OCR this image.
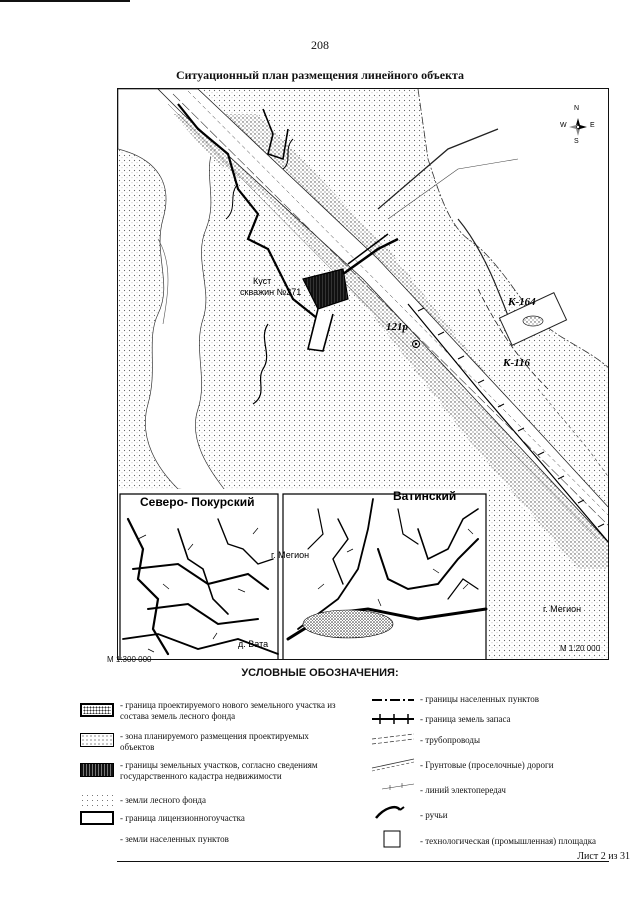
208
Ситуационный план размещения линейного объекта
N
S
W	E
Куст
скважин №271
121р
К-164
К-116
Северо- Покурский	Ватинский
г. Мегион
д. Вата
г. Мегион
М 1:20 000
М 1:300 000
УСЛОВНЫЕ ОБОЗНАЧЕНИЯ:
- граница проектируемого нового земельного участка из состава земель лесного фонда
- зона планируемого размещения проектируемых объектов
- границы земельных участков, согласно сведениям государственного кадастра недвижимости
- земли лесного фонда
- граница лицензионногоучастка
- земли населенных пунктов
- границы населенных пунктов
- граница земель запаса
- трубопроводы
- Грунтовые (проселочные) дороги
- линий электопередач
- ручьи
- технологическая (промышленная) площадка
Лист 2 из 31
